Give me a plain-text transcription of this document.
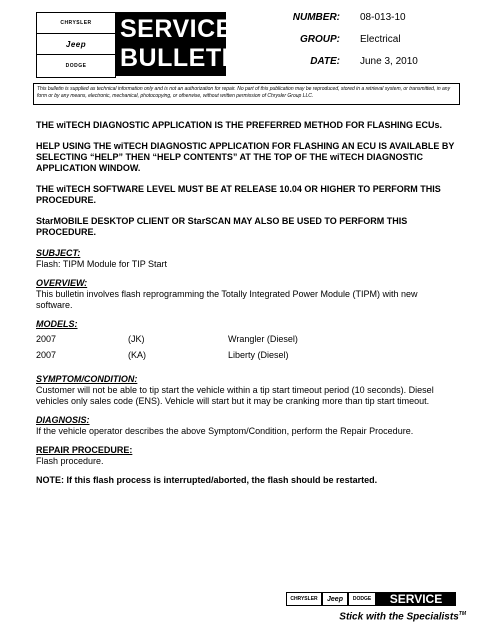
CHRYSLER
Jeep
DODGE
SERVICE
BULLETIN
NUMBER: 08-013-10
GROUP: Electrical
DATE: June 3, 2010
This bulletin is supplied as technical information only and is not an authorization for repair. No part of this publication may be reproduced, stored in a retrieval system, or transmitted, in any form or by any means, electronic, mechanical, photocopying, or otherwise, without written permission of Chrysler Group LLC.

THE wiTECH DIAGNOSTIC APPLICATION IS THE PREFERRED METHOD FOR FLASHING ECUs.

HELP USING THE wiTECH DIAGNOSTIC APPLICATION FOR FLASHING AN ECU IS AVAILABLE BY SELECTING “HELP” THEN “HELP CONTENTS” AT THE TOP OF THE wiTECH DIAGNOSTIC APPLICATION WINDOW.

THE wiTECH SOFTWARE LEVEL MUST BE AT RELEASE 10.04 OR HIGHER TO PERFORM THIS PROCEDURE.

StarMOBILE DESKTOP CLIENT OR StarSCAN MAY ALSO BE USED TO PERFORM THIS PROCEDURE.

SUBJECT:

Flash: TIPM Module for TIP Start

OVERVIEW:

This bulletin involves flash reprogramming the Totally Integrated Power Module (TIPM) with new software.

MODELS:

2007	(JK)	Wrangler (Diesel)
2007	(KA)	Liberty (Diesel)

SYMPTOM/CONDITION:

Customer will not be able to tip start the vehicle within a tip start timeout period (10 seconds). Diesel vehicles only sales code (ENS). Vehicle will start but it may be cranking more than tip start timeout.

DIAGNOSIS:

If the vehicle operator describes the above Symptom/Condition, perform the Repair Procedure.

REPAIR PROCEDURE:

Flash procedure.

NOTE: If this flash process is interrupted/aborted, the flash should be restarted.

CHRYSLER	Jeep	DODGE	SERVICE
Stick with the Specialists™
